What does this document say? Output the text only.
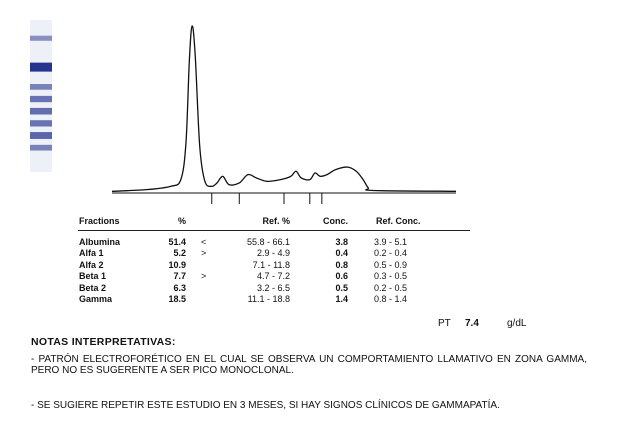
Fractions	%	Ref. %	Conc.	Ref. Conc.
Albumina	51.4 <	55.8 - 66.1	3.8	3.9 - 5.1
Alfa 1	5.2 >	2.9 - 4.9	0.4	0.2 - 0.4
Alfa 2	10.9	7.1 - 11.8	0.8	0.5 - 0.9
Beta 1	7.7 >	4.7 - 7.2	0.6	0.3 - 0.5
Beta 2	6.3	3.2 - 6.5	0.5	0.2 - 0.5
Gamma	18.5	11.1 - 18.8	1.4	0.8 - 1.4
PT 7.4	g/dL
NOTAS INTERPRETATIVAS:
- PATRÓN ELECTROFORÉTICO EN EL CUAL SE OBSERVA UN COMPORTAMIENTO LLAMATIVO EN ZONA GAMMA, PERO NO ES SUGERENTE A SER PICO MONOCLONAL.
- SE SUGIERE REPETIR ESTE ESTUDIO EN 3 MESES, SI HAY SIGNOS CLÍNICOS DE GAMMAPATÍA.
